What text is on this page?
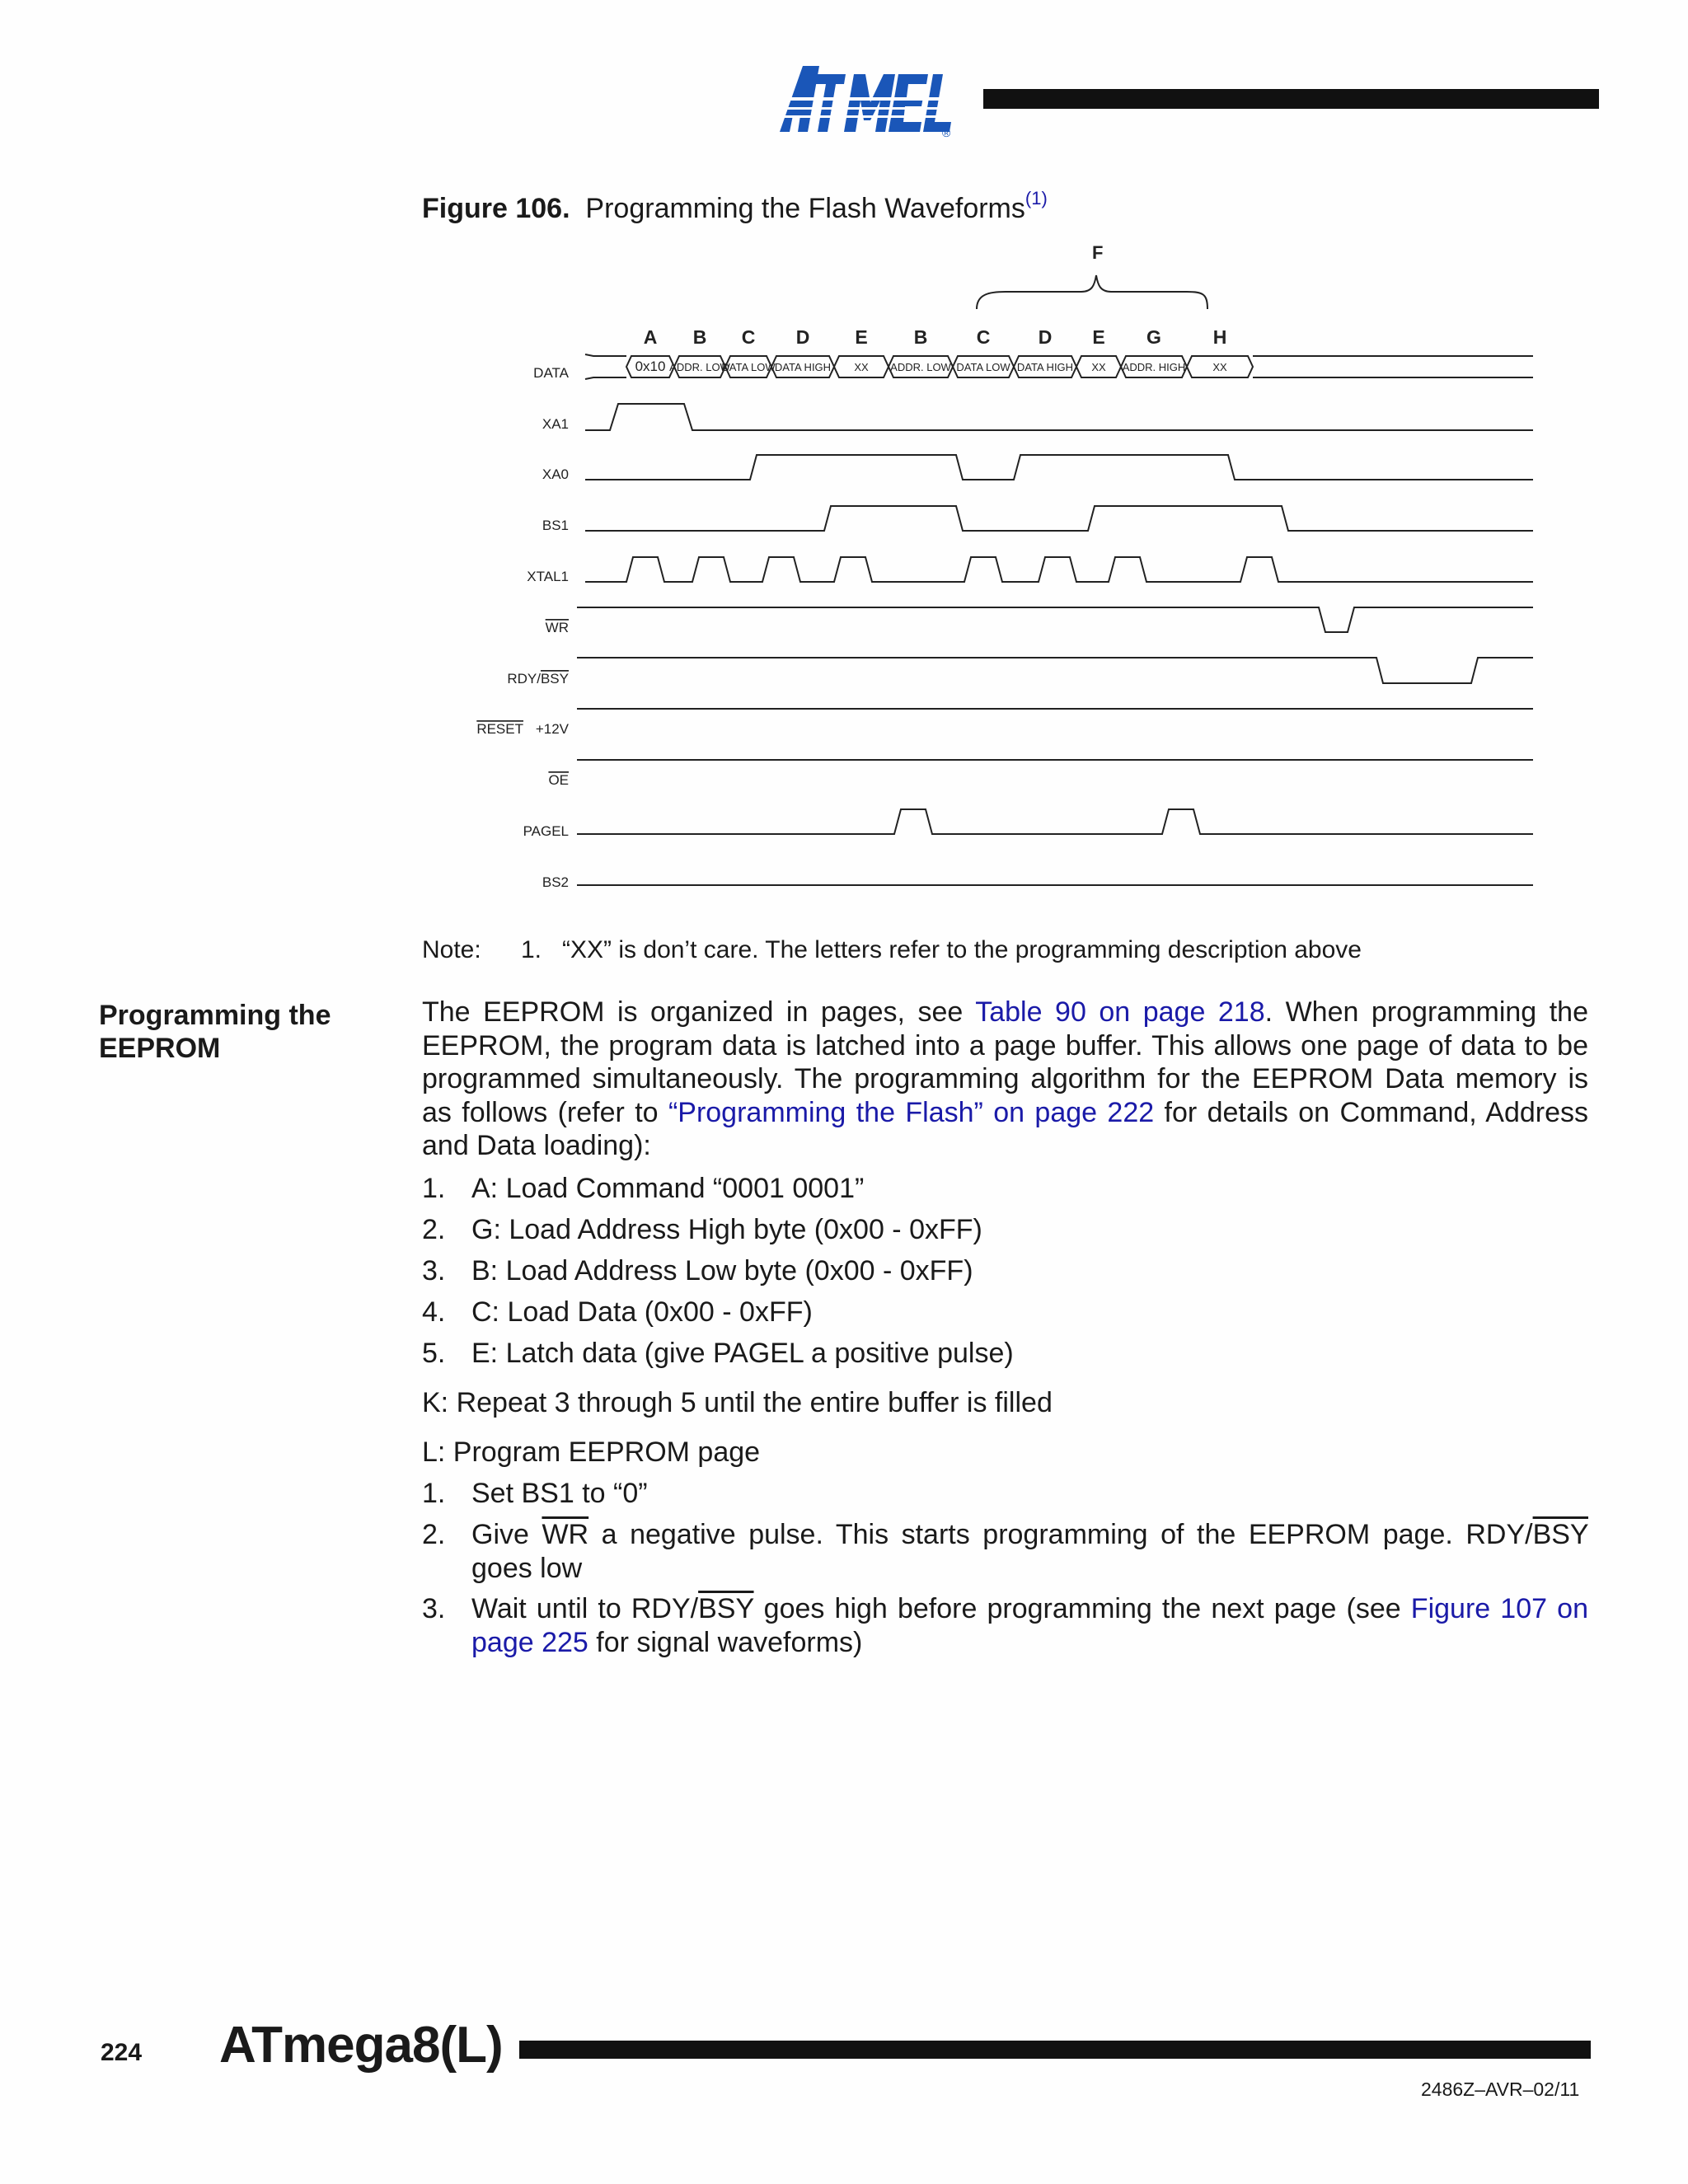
®
Figure 106. Programming the Flash Waveforms$^{(1)}$
F
A B C D E B	C	D E G	H
0x10 ADDR. LOW
DATA LOW DATA HIGH XX ADDR. LOW DATA LOW DATA HIGH XX ADDR. HIGH	XX
DATA
XA1
XA0
BS1
XTAL1
WR
RDY/BSY
RESET +12V
OE
PAGEL
BS2
Note: 1. “XX” is don’t care. The letters refer to the programming description above
Programming the
EEPROM
The EEPROM is organized in pages, see Table 90 on page 218. When programming the EEPROM, the program data is latched into a page buffer. This allows one page of data to be programmed simultaneously. The programming algorithm for the EEPROM Data memory is as follows (refer to “Programming the Flash” on page 222 for details on Command, Address and Data loading):
1. A: Load Command “0001 0001”
2. G: Load Address High byte (0x00 - 0xFF)
3. B: Load Address Low byte (0x00 - 0xFF)
4. C: Load Data (0x00 - 0xFF)
5. E: Latch data (give PAGEL a positive pulse)
K: Repeat 3 through 5 until the entire buffer is filled
L: Program EEPROM page
1. Set BS1 to “0”
2. Give $\overline{WR}$ a negative pulse. This starts programming of the EEPROM page. RDY/$\overline{BSY}$ goes low
3. Wait until to RDY/$\overline{BSY}$ goes high before programming the next page (see Figure 107 on page 225 for signal waveforms)
224 ATmega8(L)
2486Z–AVR–02/11
